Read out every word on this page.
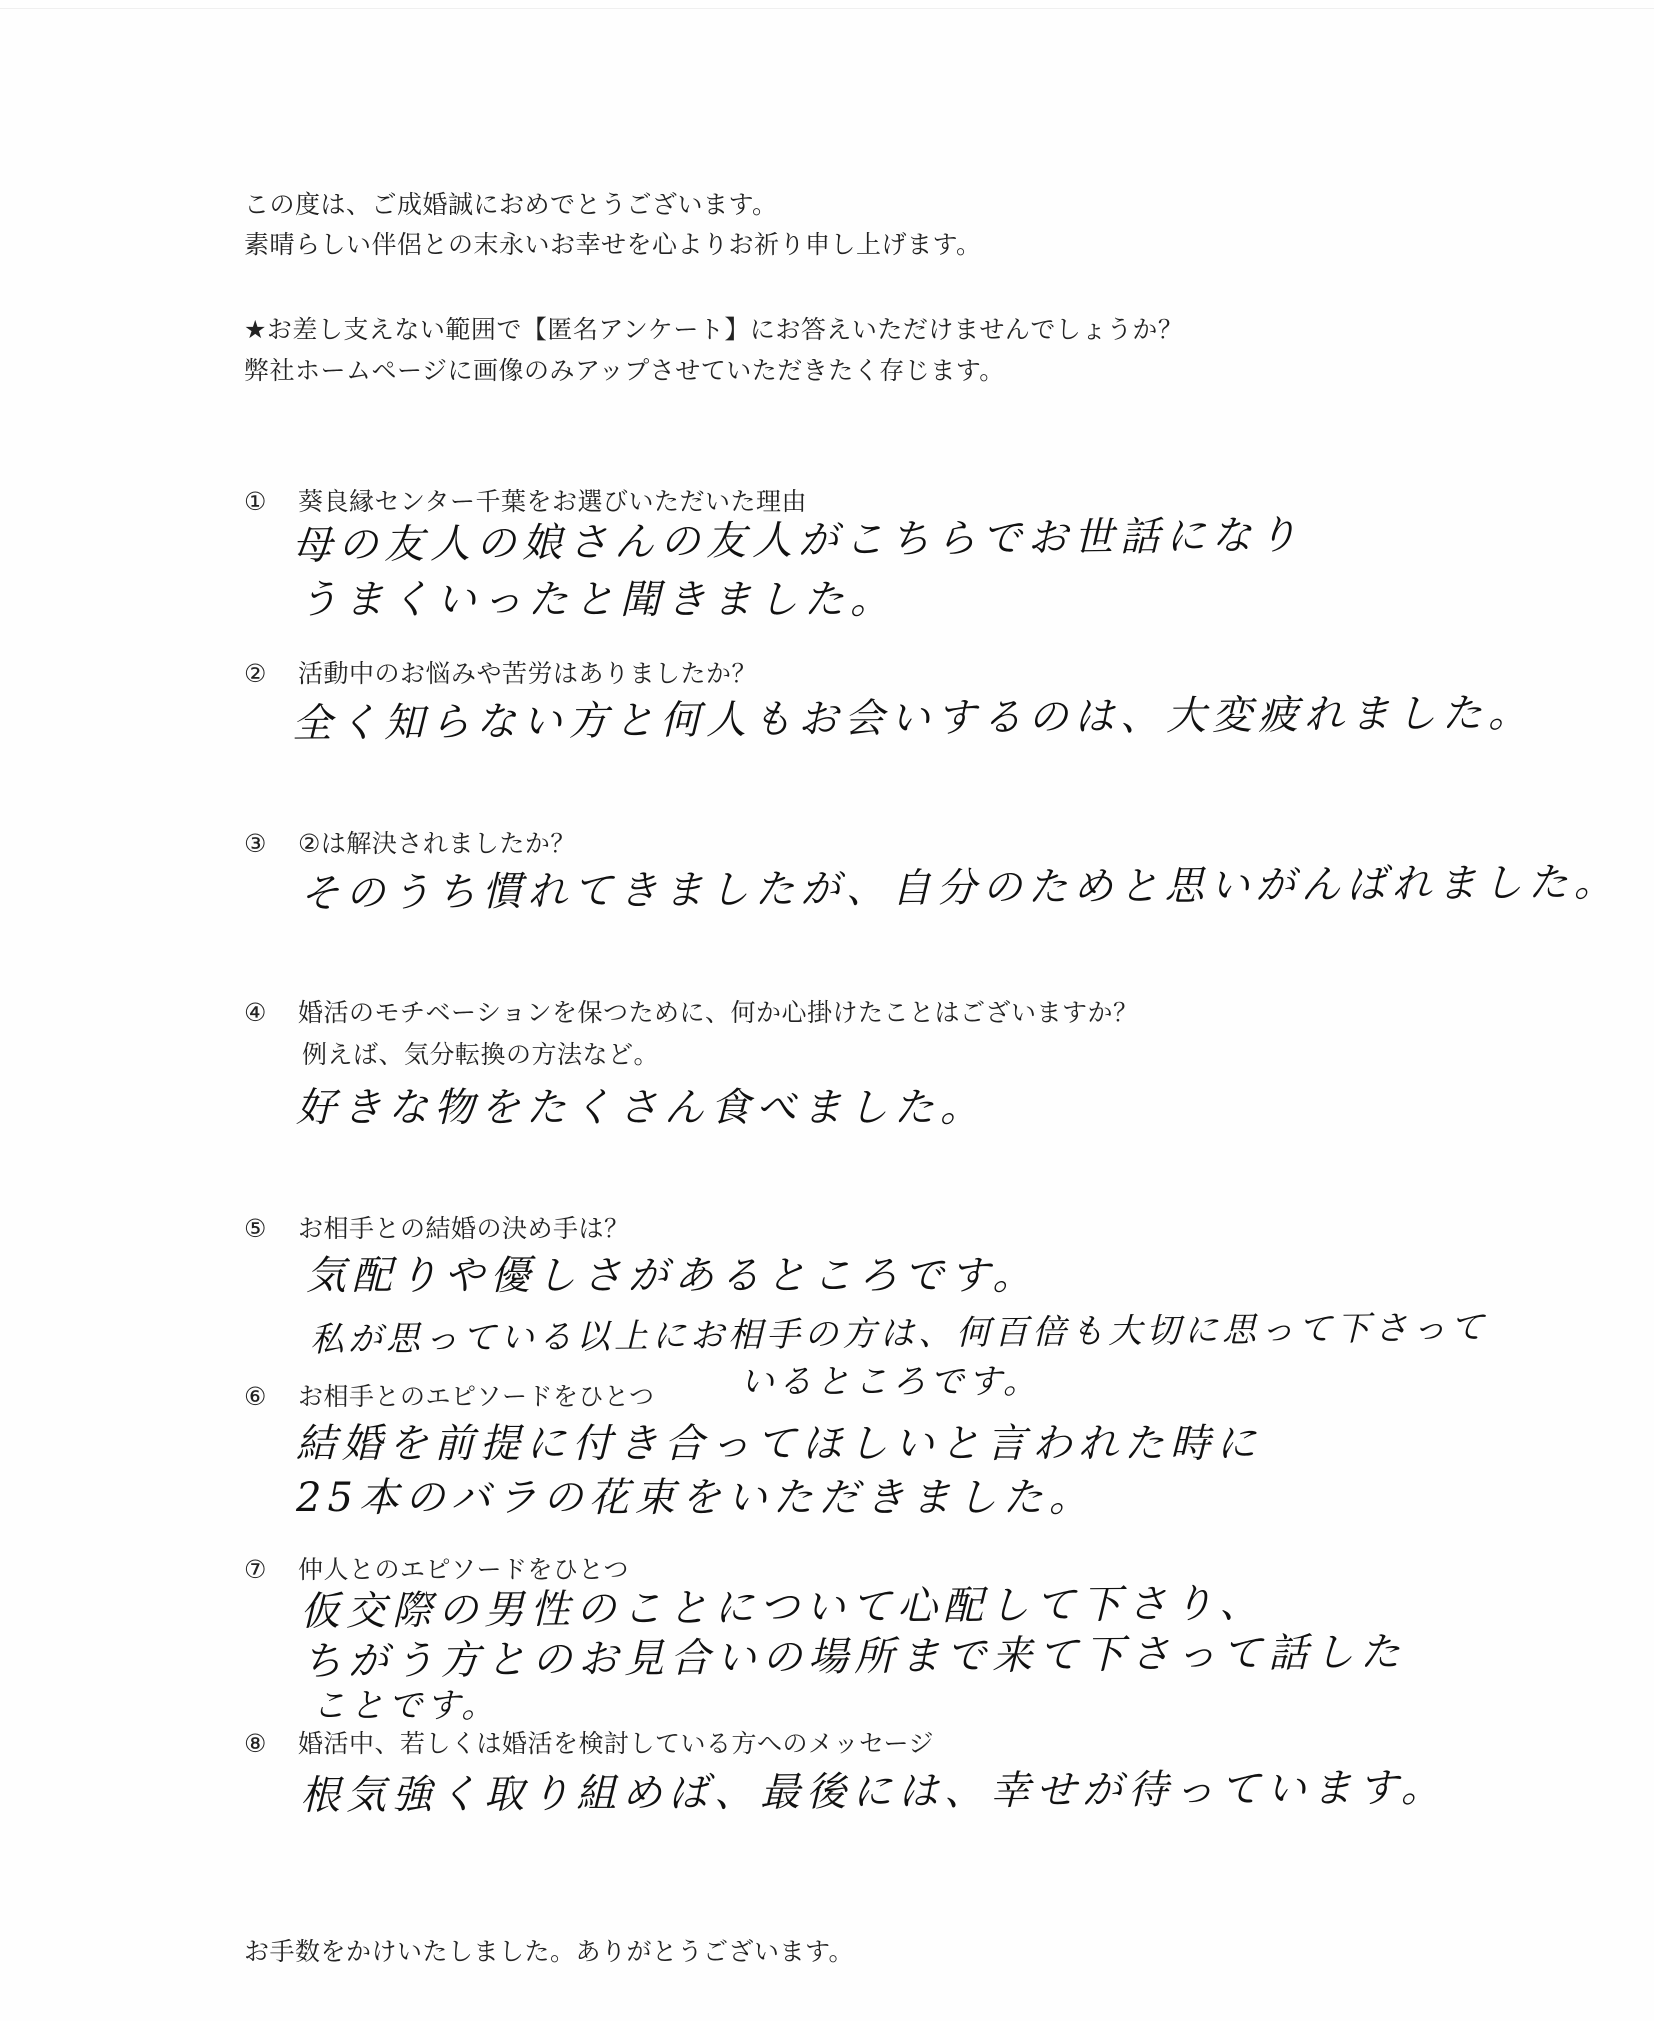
この度は、ご成婚誠におめでとうございます。
素晴らしい伴侶との末永いお幸せを心よりお祈り申し上げます。
★お差し支えない範囲で【匿名アンケート】にお答えいただけませんでしょうか？
弊社ホームページに画像のみアップさせていただきたく存じます。
① 葵良縁センター千葉をお選びいただいた理由
母の友人の娘さんの友人がこちらでお世話になり
うまくいったと聞きました。
② 活動中のお悩みや苦労はありましたか？
全く知らない方と何人もお会いするのは、大変疲れました。
③ ②は解決されましたか？
そのうち慣れてきましたが、自分のためと思いがんばれました。
④ 婚活のモチベーションを保つために、何か心掛けたことはございますか？
例えば、気分転換の方法など。
好きな物をたくさん食べました。
⑤ お相手との結婚の決め手は？
気配りや優しさがあるところです。
私が思っている以上にお相手の方は、何百倍も大切に思って下さって
いるところです。
⑥ お相手とのエピソードをひとつ
結婚を前提に付き合ってほしいと言われた時に
25本のバラの花束をいただきました。
⑦ 仲人とのエピソードをひとつ
仮交際の男性のことについて心配して下さり、
ちがう方とのお見合いの場所まで来て下さって話した
ことです。
⑧ 婚活中、若しくは婚活を検討している方へのメッセージ
根気強く取り組めば、最後には、幸せが待っています。
お手数をかけいたしました。ありがとうございます。
